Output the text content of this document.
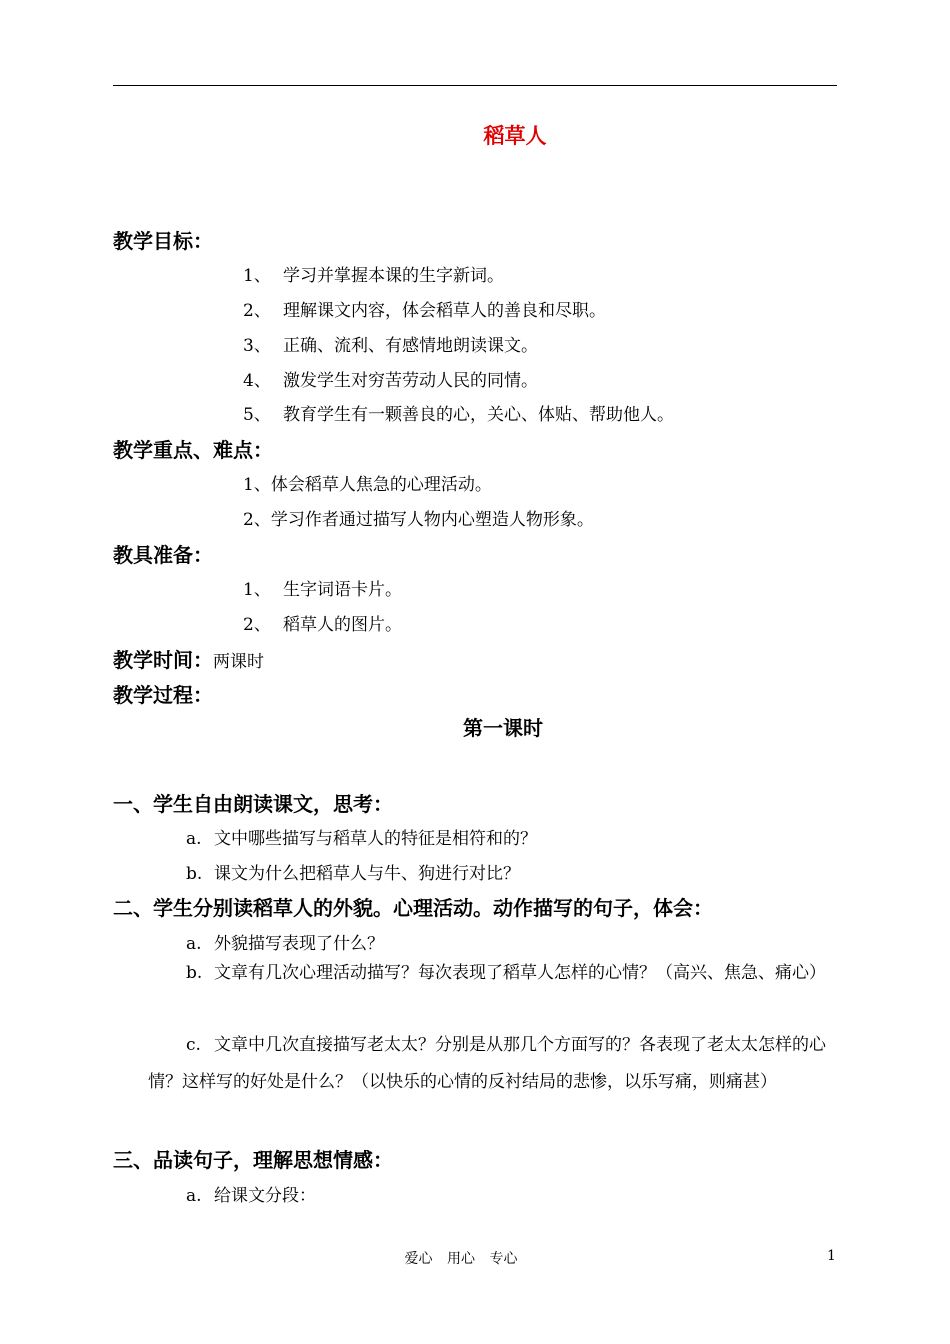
稻草人
教学目标：
1、 学习并掌握本课的生字新词。
2、 理解课文内容，体会稻草人的善良和尽职。
3、 正确、流利、有感情地朗读课文。
4、 激发学生对穷苦劳动人民的同情。
5、 教育学生有一颗善良的心，关心、体贴、帮助他人。
教学重点、难点：
1、体会稻草人焦急的心理活动。
2、学习作者通过描写人物内心塑造人物形象。
教具准备：
1、 生字词语卡片。
2、 稻草人的图片。
教学时间：两课时
教学过程：
第一课时
一、学生自由朗读课文，思考：
a. 文中哪些描写与稻草人的特征是相符和的？
b. 课文为什么把稻草人与牛、狗进行对比？
二、学生分别读稻草人的外貌。心理活动。动作描写的句子，体会：
a. 外貌描写表现了什么？
b. 文章有几次心理活动描写？每次表现了稻草人怎样的心情？（高兴、焦急、痛心）
c. 文章中几次直接描写老太太？分别是从那几个方面写的？各表现了老太太怎样的心情？这样写的好处是什么？（以快乐的心情的反衬结局的悲惨，以乐写痛，则痛甚）
三、品读句子，理解思想情感：
a. 给课文分段：
爱心 用心 专心	1
